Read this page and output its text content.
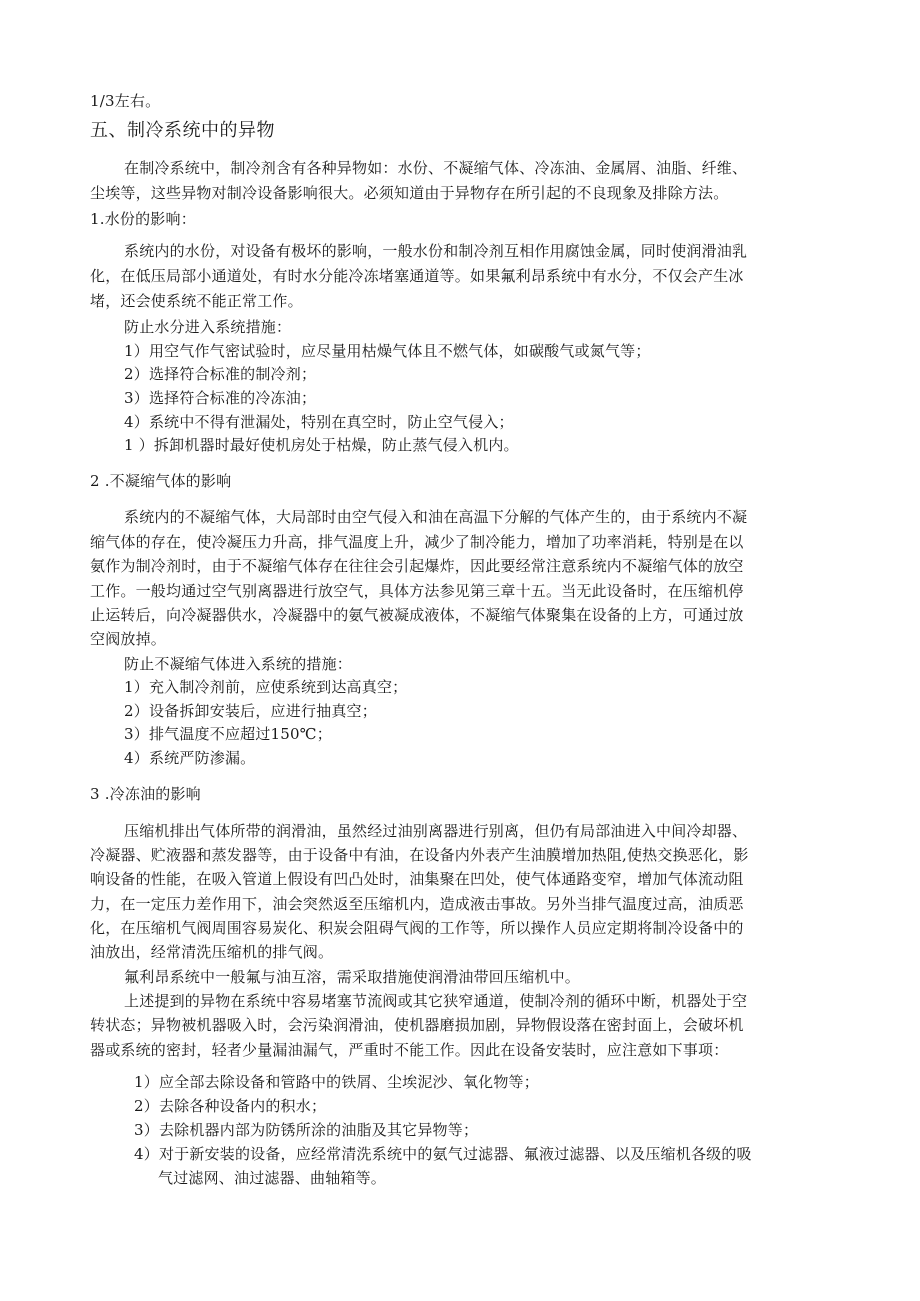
1/3左右。
五、制冷系统中的异物
在制冷系统中，制冷剂含有各种异物如：水份、不凝缩气体、冷冻油、金属屑、油脂、纤维、
尘埃等，这些异物对制冷设备影响很大。必须知道由于异物存在所引起的不良现象及排除方法。
1.水份的影响：
系统内的水份，对设备有极坏的影响，一般水份和制冷剂互相作用腐蚀金属，同时使润滑油乳
化，在低压局部小通道处，有时水分能冷冻堵塞通道等。如果氟利昂系统中有水分，不仅会产生冰
堵，还会使系统不能正常工作。
防止水分进入系统措施：
1）用空气作气密试验时，应尽量用枯燥气体且不燃气体，如碳酸气或氮气等；
2）选择符合标准的制冷剂；
3）选择符合标准的冷冻油；
4）系统中不得有泄漏处，特别在真空时，防止空气侵入；
1 ）拆卸机器时最好使机房处于枯燥，防止蒸气侵入机内。
2 .不凝缩气体的影响
系统内的不凝缩气体，大局部时由空气侵入和油在高温下分解的气体产生的，由于系统内不凝
缩气体的存在，使冷凝压力升高，排气温度上升，减少了制冷能力，增加了功率消耗，特别是在以
氨作为制冷剂时，由于不凝缩气体存在往往会引起爆炸，因此要经常注意系统内不凝缩气体的放空
工作。一般均通过空气别离器进行放空气，具体方法参见第三章十五。当无此设备时，在压缩机停
止运转后，向冷凝器供水，冷凝器中的氨气被凝成液体，不凝缩气体聚集在设备的上方，可通过放
空阀放掉。
防止不凝缩气体进入系统的措施：
1）充入制冷剂前，应使系统到达高真空；
2）设备拆卸安装后，应进行抽真空；
3）排气温度不应超过150℃；
4）系统严防渗漏。
3 .冷冻油的影响
压缩机排出气体所带的润滑油，虽然经过油别离器进行别离，但仍有局部油进入中间冷却器、
冷凝器、贮液器和蒸发器等，由于设备中有油，在设备内外表产生油膜增加热阻,使热交换恶化，影
响设备的性能，在吸入管道上假设有凹凸处时，油集聚在凹处，使气体通路变窄，增加气体流动阻
力，在一定压力差作用下，油会突然返至压缩机内，造成液击事故。另外当排气温度过高，油质恶
化，在压缩机气阀周围容易炭化、积炭会阻碍气阀的工作等，所以操作人员应定期将制冷设备中的
油放出，经常清洗压缩机的排气阀。
氟利昂系统中一般氟与油互溶，需采取措施使润滑油带回压缩机中。
上述提到的异物在系统中容易堵塞节流阀或其它狭窄通道，使制冷剂的循环中断，机器处于空
转状态；异物被机器吸入时，会污染润滑油，使机器磨损加剧，异物假设落在密封面上，会破坏机
器或系统的密封，轻者少量漏油漏气，严重时不能工作。因此在设备安装时，应注意如下事项：
1）应全部去除设备和管路中的铁屑、尘埃泥沙、氧化物等；
2）去除各种设备内的积水；
3）去除机器内部为防锈所涂的油脂及其它异物等；
4）对于新安装的设备，应经常清洗系统中的氨气过滤器、氟液过滤器、以及压缩机各级的吸
气过滤网、油过滤器、曲轴箱等。
